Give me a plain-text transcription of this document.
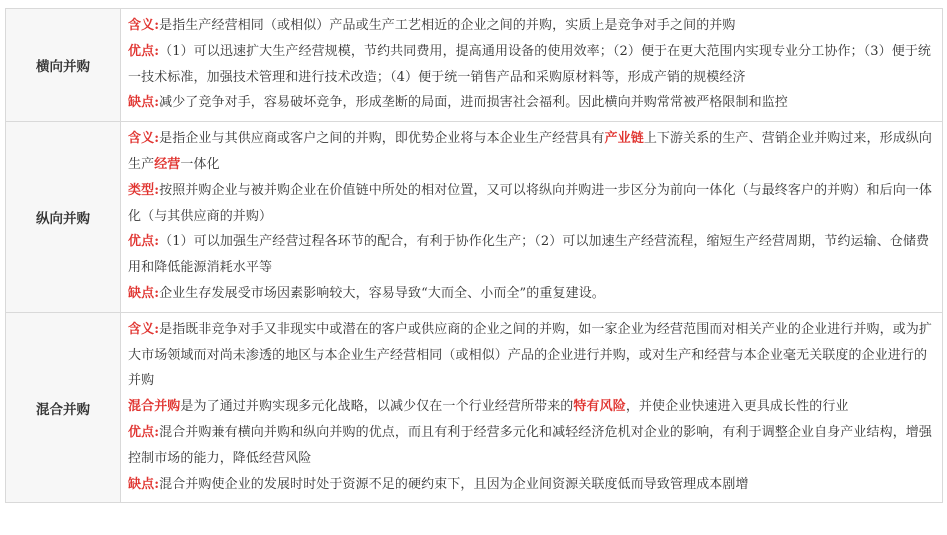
横向并购	含义:是指生产经营相同（或相似）产品或生产工艺相近的企业之间的并购，实质上是竞争对手之间的并购

优点:（1）可以迅速扩大生产经营规模，节约共同费用，提高通用设备的使用效率；（2）便于在更大范围内实现专业分工协作；（3）便于统一技术标准，加强技术管理和进行技术改造；（4）便于统一销售产品和采购原材料等，形成产销的规模经济

缺点:减少了竞争对手，容易破坏竞争，形成垄断的局面，进而损害社会福利。因此横向并购常常被严格限制和监控

纵向并购	含义:是指企业与其供应商或客户之间的并购，即优势企业将与本企业生产经营具有产业链上下游关系的生产、营销企业并购过来，形成纵向生产经营一体化

类型:按照并购企业与被并购企业在价值链中所处的相对位置，又可以将纵向并购进一步区分为前向一体化（与最终客户的并购）和后向一体化（与其供应商的并购）

优点:（1）可以加强生产经营过程各环节的配合，有利于协作化生产；（2）可以加速生产经营流程，缩短生产经营周期，节约运输、仓储费用和降低能源消耗水平等

缺点:企业生存发展受市场因素影响较大，容易导致“大而全、小而全”的重复建设。

混合并购	含义:是指既非竞争对手又非现实中或潜在的客户或供应商的企业之间的并购，如一家企业为经营范围而对相关产业的企业进行并购，或为扩大市场领域而对尚未渗透的地区与本企业生产经营相同（或相似）产品的企业进行并购，或对生产和经营与本企业毫无关联度的企业进行的并购

混合并购是为了通过并购实现多元化战略，以减少仅在一个行业经营所带来的特有风险，并使企业快速进入更具成长性的行业

优点:混合并购兼有横向并购和纵向并购的优点，而且有利于经营多元化和减轻经济危机对企业的影响，有利于调整企业自身产业结构，增强控制市场的能力，降低经营风险

缺点:混合并购使企业的发展时时处于资源不足的硬约束下，且因为企业间资源关联度低而导致管理成本剧增
